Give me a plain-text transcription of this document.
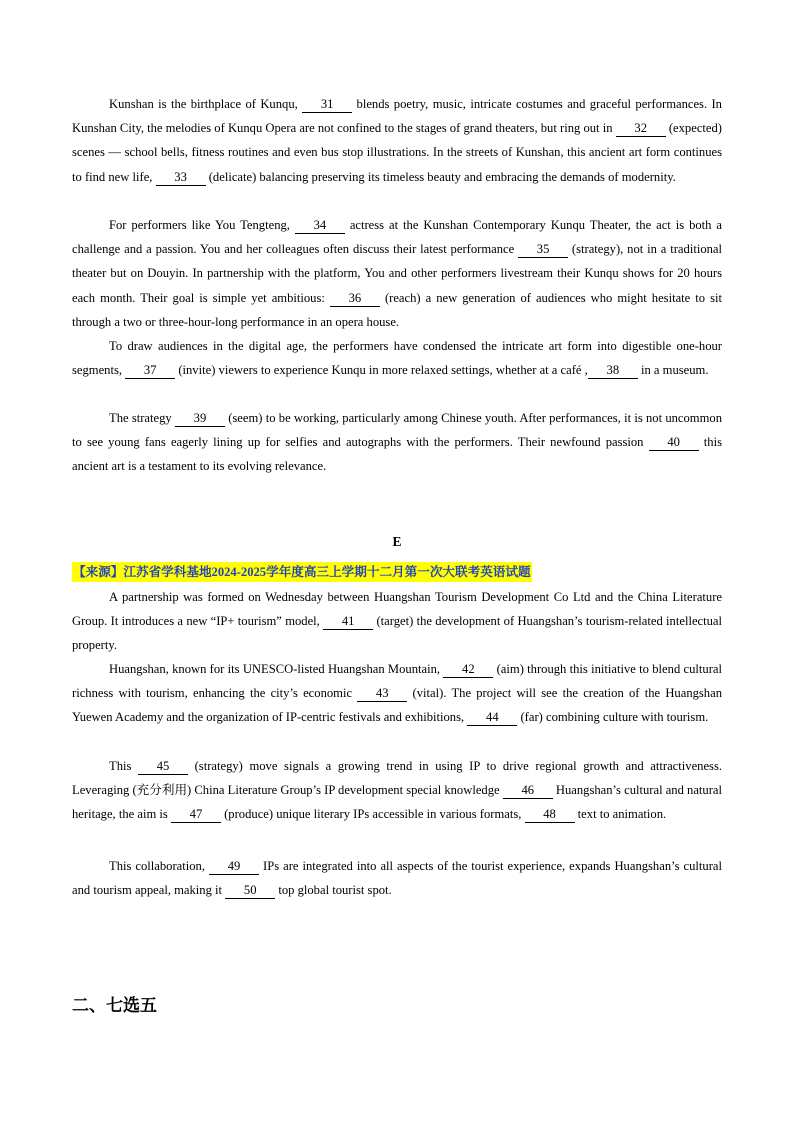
Kunshan is the birthplace of Kunqu, 31 blends poetry, music, intricate costumes and graceful performances. In Kunshan City, the melodies of Kunqu Opera are not confined to the stages of grand theaters, but ring out in 32 (expected) scenes — school bells, fitness routines and even bus stop illustrations. In the streets of Kunshan, this ancient art form continues to find new life, 33 (delicate) balancing preserving its timeless beauty and embracing the demands of modernity.

For performers like You Tengteng, 34 actress at the Kunshan Contemporary Kunqu Theater, the act is both a challenge and a passion. You and her colleagues often discuss their latest performance 35 (strategy), not in a traditional theater but on Douyin. In partnership with the platform, You and other performers livestream their Kunqu shows for 20 hours each month. Their goal is simple yet ambitious: 36 (reach) a new generation of audiences who might hesitate to sit through a two or three-hour-long performance in an opera house.

To draw audiences in the digital age, the performers have condensed the intricate art form into digestible one-hour segments, 37 (invite) viewers to experience Kunqu in more relaxed settings, whether at a café , 38 in a museum.

The strategy 39 (seem) to be working, particularly among Chinese youth. After performances, it is not uncommon to see young fans eagerly lining up for selfies and autographs with the performers. Their newfound passion 40 this ancient art is a testament to its evolving relevance.

E
【来源】江苏省学科基地2024-2025学年度高三上学期十二月第一次大联考英语试题

A partnership was formed on Wednesday between Huangshan Tourism Development Co Ltd and the China Literature Group. It introduces a new “IP+ tourism” model, 41 (target) the development of Huangshan’s tourism-related intellectual property.

Huangshan, known for its UNESCO-listed Huangshan Mountain, 42 (aim) through this initiative to blend cultural richness with tourism, enhancing the city’s economic 43 (vital). The project will see the creation of the Huangshan Yuewen Academy and the organization of IP-centric festivals and exhibitions, 44 (far) combining culture with tourism.

This 45 (strategy) move signals a growing trend in using IP to drive regional growth and attractiveness. Leveraging (充分利用) China Literature Group’s IP development special knowledge 46 Huangshan’s cultural and natural heritage, the aim is 47 (produce) unique literary IPs accessible in various formats, 48 text to animation.

This collaboration, 49 IPs are integrated into all aspects of the tourist experience, expands Huangshan’s cultural and tourism appeal, making it 50 top global tourist spot.

二、七选五
